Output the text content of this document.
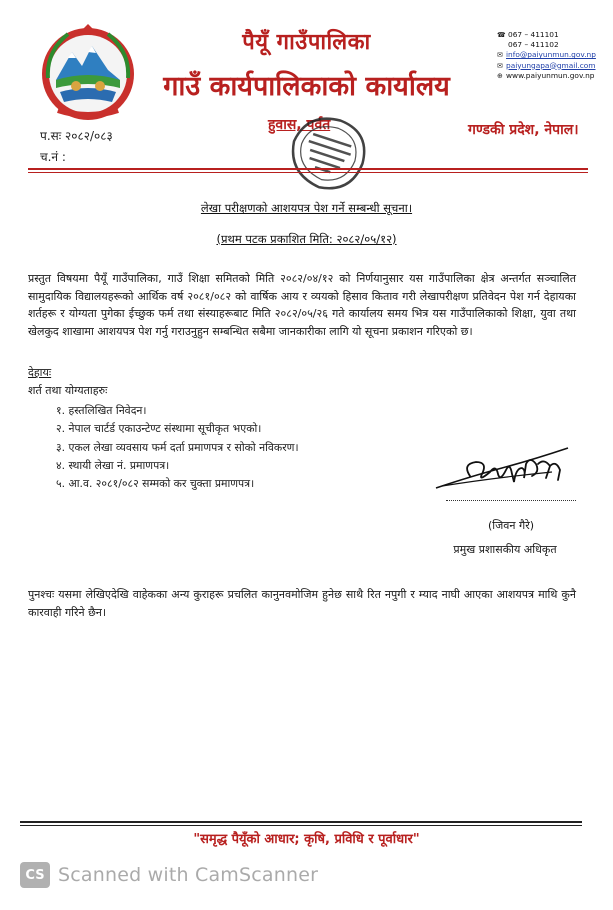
पैयूँ गाउँपालिका
गाउँ कार्यपालिकाको कार्यालय
☎ 067 – 411101
067 – 411102
✉ info@paiyunmun.gov.np
✉ paiyungapa@gmail.com
⊕ www.paiyunmun.gov.np
प.सः २०८२/०८३
च.नं :
हुवास, पर्वत	गण्डकी प्रदेश, नेपाल।
लेखा परीक्षणको आशयपत्र पेश गर्ने सम्बन्धी सूचना।
(प्रथम पटक प्रकाशित मिति: २०८२/०५/१२)
प्रस्तुत विषयमा पैयूँ गाउँपालिका, गाउँ शिक्षा समितको मिति २०८२/०४/१२ को निर्णयानुसार यस गाउँपालिका क्षेत्र अन्तर्गत सञ्चालित सामुदायिक विद्यालयहरूको आर्थिक वर्ष २०८१/०८२ को वार्षिक आय र व्ययको हिसाव किताव गरी लेखापरीक्षण प्रतिवेदन पेश गर्न देहायका शर्तहरू र योग्यता पुगेका ईच्छुक फर्म तथा संस्याहरूबाट मिति २०८२/०५/२६ गते कार्यालय समय भित्र यस गाउँपालिकाको शिक्षा, युवा तथा खेलकुद शाखामा आशयपत्र पेश गर्नु गराउनुहुन सम्बन्धित सबैमा जानकारीका लागि यो सूचना प्रकाशन गरिएको छ।
देहायः
शर्त तथा योग्यताहरुः
१. हस्तलिखित निवेदन।
२. नेपाल चार्टर्ड एकाउन्टेण्ट संस्थामा सूचीकृत भएको।
३. एकल लेखा व्यवसाय फर्म दर्ता प्रमाणपत्र र सोको नविकरण।
४. स्थायी लेखा नं. प्रमाणपत्र।
५. आ.व. २०८१/०८२ सम्मको कर चुक्ता प्रमाणपत्र।
(जिवन गैरे)
प्रमुख प्रशासकीय अधिकृत
पुनश्चः यसमा लेखिएदेखि वाहेकका अन्य कुराहरू प्रचलित कानुनवमोजिम हुनेछ साथै रित नपुगी र म्याद नाघी आएका आशयपत्र माथि कुनै कारवाही गरिने छैन।
"समृद्ध पैयूँको आधार; कृषि, प्रविधि र पूर्वाधार"
CS Scanned with CamScanner
